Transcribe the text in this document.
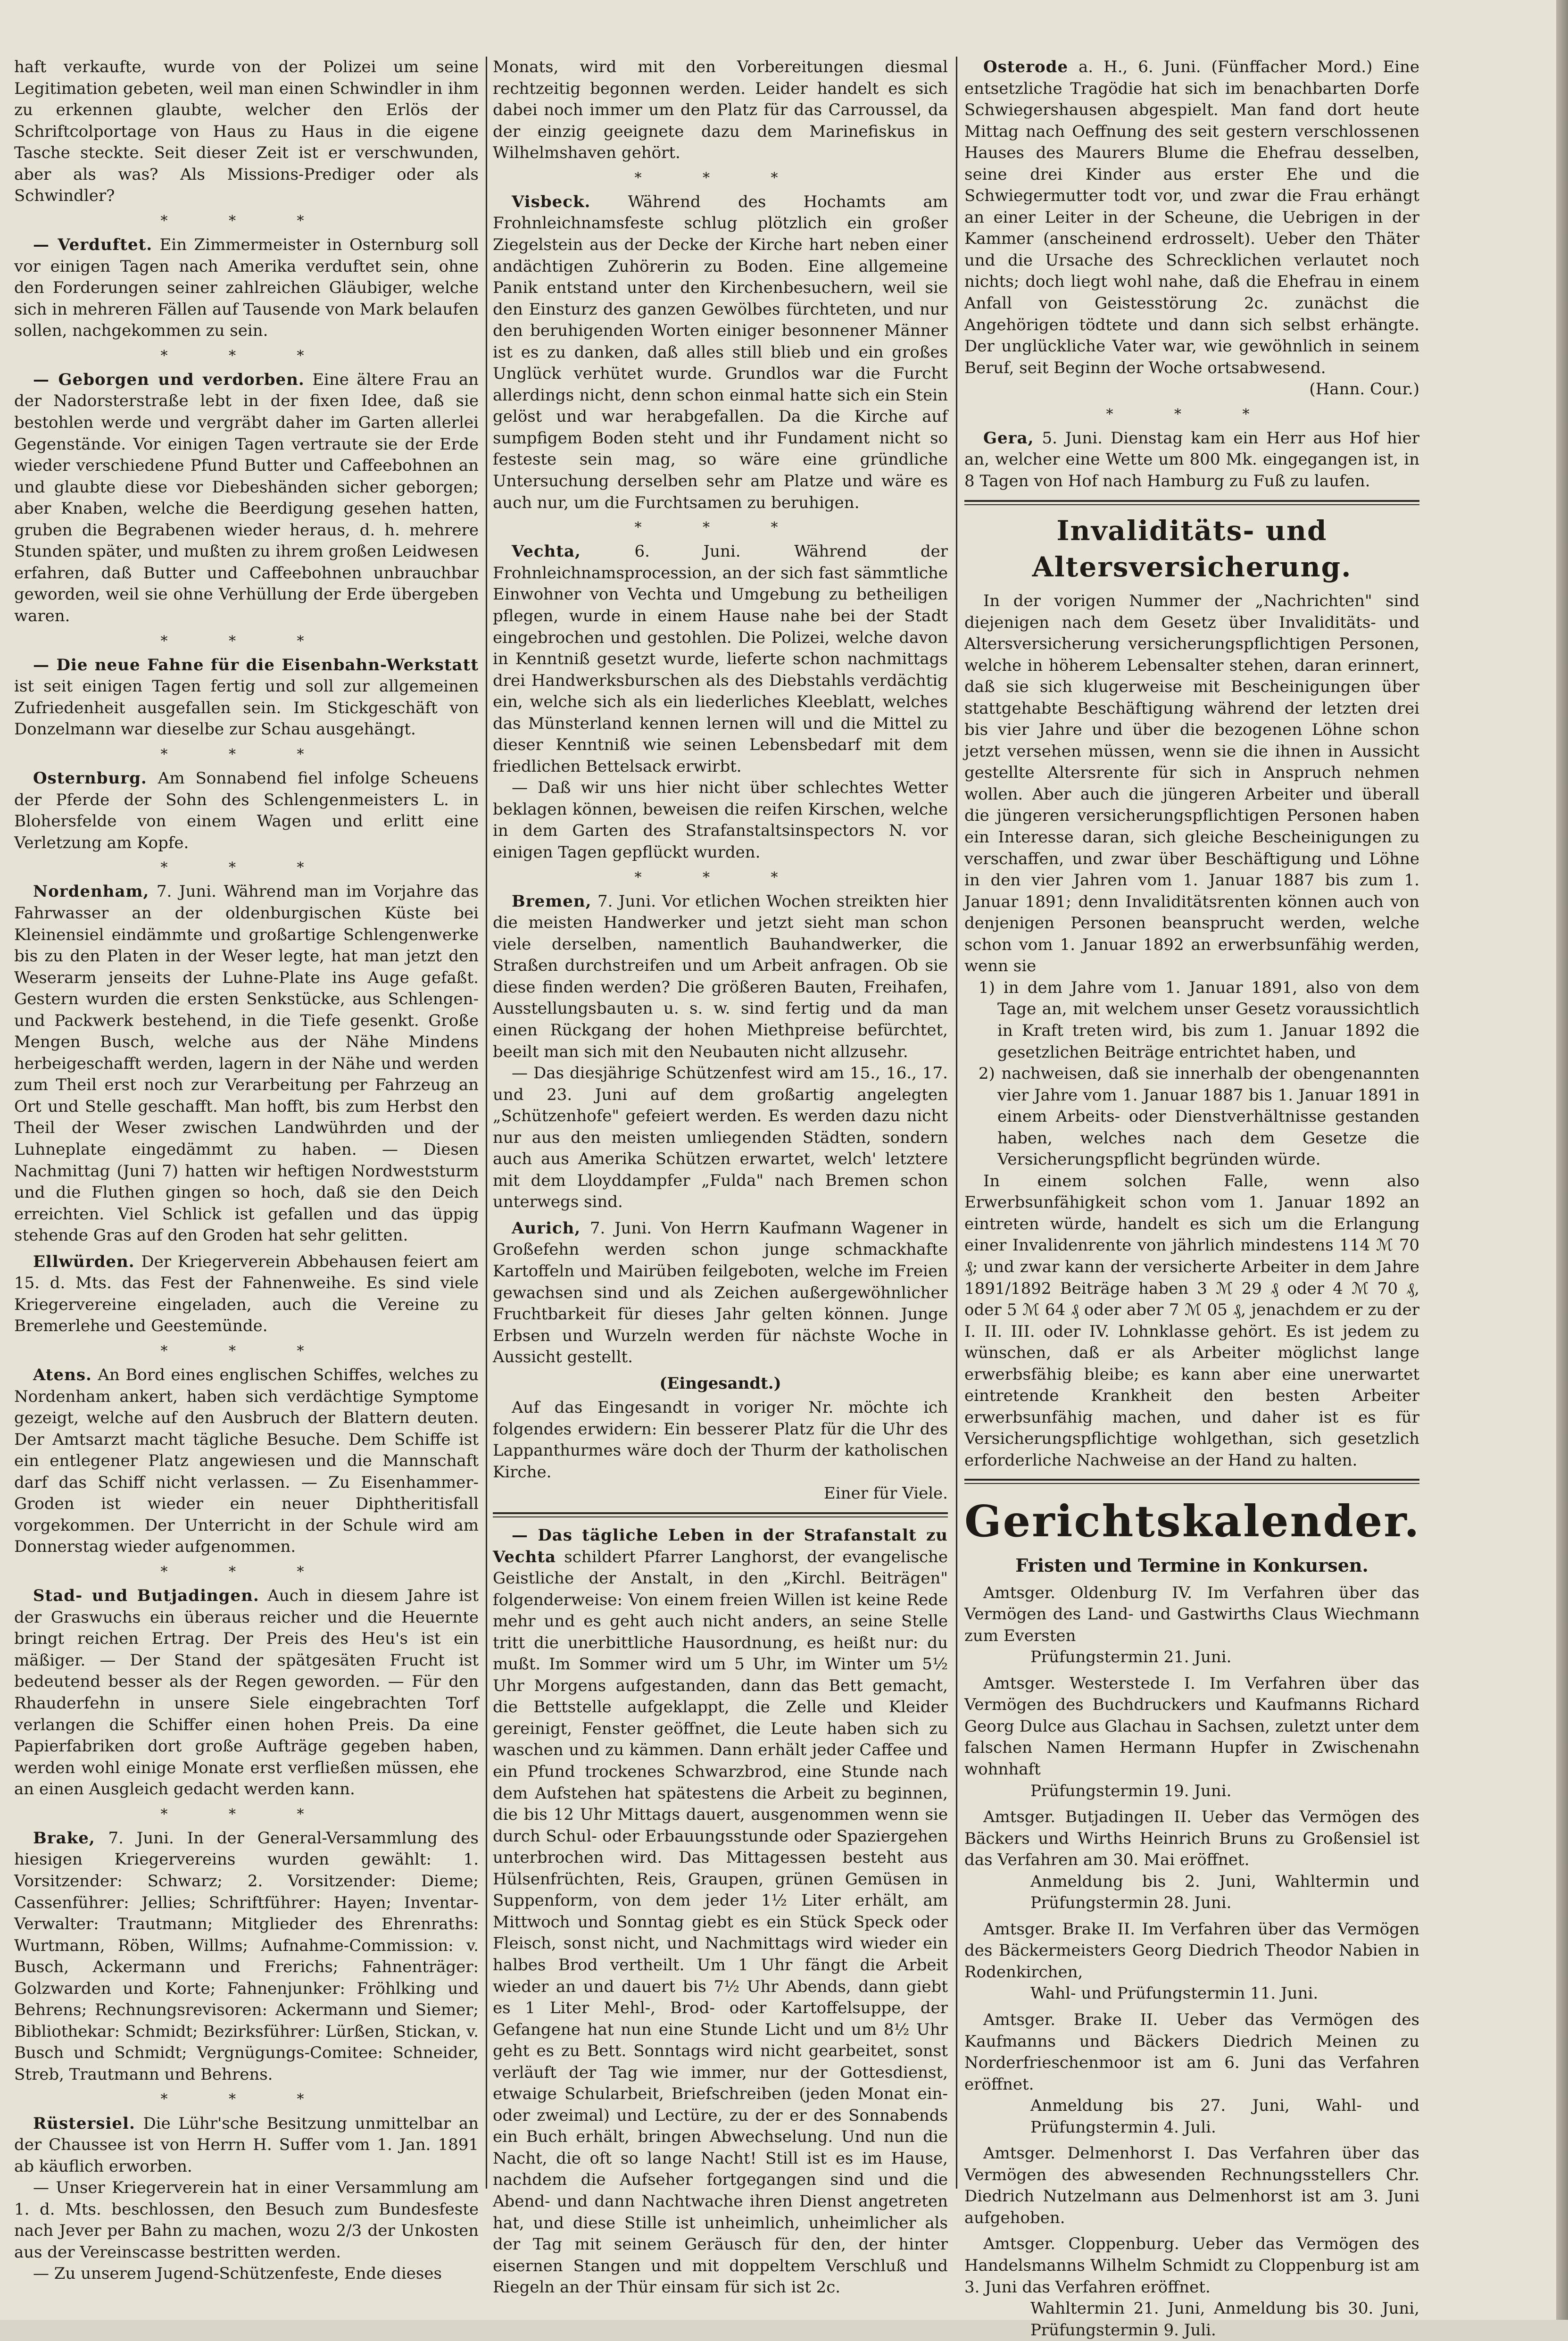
haft verkaufte, wurde von der Polizei um seine Legitimation gebeten, weil man einen Schwindler in ihm zu erkennen glaubte, welcher den Erlös der Schriftcolportage von Haus zu Haus in die eigene Tasche steckte. Seit dieser Zeit ist er verschwunden, aber als was? Als Missions-Prediger oder als Schwindler?

* * *

— Verduftet. Ein Zimmermeister in Osternburg soll vor einigen Tagen nach Amerika verduftet sein, ohne den Forderungen seiner zahlreichen Gläubiger, welche sich in mehreren Fällen auf Tausende von Mark belaufen sollen, nachgekommen zu sein.

* * *

— Geborgen und verdorben. Eine ältere Frau an der Nadorsterstraße lebt in der fixen Idee, daß sie bestohlen werde und vergräbt daher im Garten allerlei Gegenstände. Vor einigen Tagen vertraute sie der Erde wieder verschiedene Pfund Butter und Caffeebohnen an und glaubte diese vor Diebeshänden sicher geborgen; aber Knaben, welche die Beerdigung gesehen hatten, gruben die Begrabenen wieder heraus, d. h. mehrere Stunden später, und mußten zu ihrem großen Leidwesen erfahren, daß Butter und Caffeebohnen unbrauchbar geworden, weil sie ohne Verhüllung der Erde übergeben waren.

* * *

— Die neue Fahne für die Eisenbahn-Werkstatt ist seit einigen Tagen fertig und soll zur allgemeinen Zufriedenheit ausgefallen sein. Im Stickgeschäft von Donzelmann war dieselbe zur Schau ausgehängt.

* * *

Osternburg. Am Sonnabend fiel infolge Scheuens der Pferde der Sohn des Schlengenmeisters L. in Blohersfelde von einem Wagen und erlitt eine Verletzung am Kopfe.

* * *

Nordenham, 7. Juni. Während man im Vorjahre das Fahrwasser an der oldenburgischen Küste bei Kleinensiel eindämmte und großartige Schlengenwerke bis zu den Platen in der Weser legte, hat man jetzt den Weserarm jenseits der Luhne-Plate ins Auge gefaßt. Gestern wurden die ersten Senkstücke, aus Schlengen- und Packwerk bestehend, in die Tiefe gesenkt. Große Mengen Busch, welche aus der Nähe Mindens herbeigeschafft werden, lagern in der Nähe und werden zum Theil erst noch zur Verarbeitung per Fahrzeug an Ort und Stelle geschafft. Man hofft, bis zum Herbst den Theil der Weser zwischen Landwührden und der Luhneplate eingedämmt zu haben. — Diesen Nachmittag (Juni 7) hatten wir heftigen Nordweststurm und die Fluthen gingen so hoch, daß sie den Deich erreichten. Viel Schlick ist gefallen und das üppig stehende Gras auf den Groden hat sehr gelitten.

Ellwürden. Der Kriegerverein Abbehausen feiert am 15. d. Mts. das Fest der Fahnenweihe. Es sind viele Kriegervereine eingeladen, auch die Vereine zu Bremerlehe und Geestemünde.

* * *

Atens. An Bord eines englischen Schiffes, welches zu Nordenham ankert, haben sich verdächtige Symptome gezeigt, welche auf den Ausbruch der Blattern deuten. Der Amtsarzt macht tägliche Besuche. Dem Schiffe ist ein entlegener Platz angewiesen und die Mannschaft darf das Schiff nicht verlassen. — Zu Eisenhammer-Groden ist wieder ein neuer Diphtheritisfall vorgekommen. Der Unterricht in der Schule wird am Donnerstag wieder aufgenommen.

* * *

Stad- und Butjadingen. Auch in diesem Jahre ist der Graswuchs ein überaus reicher und die Heuernte bringt reichen Ertrag. Der Preis des Heu's ist ein mäßiger. — Der Stand der spätgesäten Frucht ist bedeutend besser als der Regen geworden. — Für den Rhauderfehn in unsere Siele eingebrachten Torf verlangen die Schiffer einen hohen Preis. Da eine Papierfabriken dort große Aufträge gegeben haben, werden wohl einige Monate erst verfließen müssen, ehe an einen Ausgleich gedacht werden kann.

* * *

Brake, 7. Juni. In der General-Versammlung des hiesigen Kriegervereins wurden gewählt: 1. Vorsitzender: Schwarz; 2. Vorsitzender: Dieme; Cassenführer: Jellies; Schriftführer: Hayen; Inventar-Verwalter: Trautmann; Mitglieder des Ehrenraths: Wurtmann, Röben, Willms; Aufnahme-Commission: v. Busch, Ackermann und Frerichs; Fahnenträger: Golzwarden und Korte; Fahnenjunker: Fröhlking und Behrens; Rechnungsrevisoren: Ackermann und Siemer; Bibliothekar: Schmidt; Bezirksführer: Lürßen, Stickan, v. Busch und Schmidt; Vergnügungs-Comitee: Schneider, Streb, Trautmann und Behrens.

* * *

Rüstersiel. Die Lühr'sche Besitzung unmittelbar an der Chaussee ist von Herrn H. Suffer vom 1. Jan. 1891 ab käuflich erworben.

— Unser Kriegerverein hat in einer Versammlung am 1. d. Mts. beschlossen, den Besuch zum Bundesfeste nach Jever per Bahn zu machen, wozu 2/3 der Unkosten aus der Vereinscasse bestritten werden.

— Zu unserem Jugend-Schützenfeste, Ende dieses

Monats, wird mit den Vorbereitungen diesmal rechtzeitig begonnen werden. Leider handelt es sich dabei noch immer um den Platz für das Carroussel, da der einzig geeignete dazu dem Marinefiskus in Wilhelmshaven gehört.

* * *

Visbeck. Während des Hochamts am Frohnleichnamsfeste schlug plötzlich ein großer Ziegelstein aus der Decke der Kirche hart neben einer andächtigen Zuhörerin zu Boden. Eine allgemeine Panik entstand unter den Kirchenbesuchern, weil sie den Einsturz des ganzen Gewölbes fürchteten, und nur den beruhigenden Worten einiger besonnener Männer ist es zu danken, daß alles still blieb und ein großes Unglück verhütet wurde. Grundlos war die Furcht allerdings nicht, denn schon einmal hatte sich ein Stein gelöst und war herabgefallen. Da die Kirche auf sumpfigem Boden steht und ihr Fundament nicht so festeste sein mag, so wäre eine gründliche Untersuchung derselben sehr am Platze und wäre es auch nur, um die Furchtsamen zu beruhigen.

* * *

Vechta,	6. Juni.	Während der Frohnleichnamsprocession, an der sich fast sämmtliche Einwohner von Vechta und Umgebung zu betheiligen pflegen, wurde in einem Hause nahe bei der Stadt eingebrochen und gestohlen. Die Polizei, welche davon in Kenntniß gesetzt wurde, lieferte schon nachmittags drei Handwerksburschen als des Diebstahls verdächtig ein, welche sich als ein liederliches Kleeblatt, welches das Münsterland kennen lernen will und die Mittel zu dieser Kenntniß wie seinen Lebensbedarf mit dem friedlichen Bettelsack erwirbt.

— Daß wir uns hier nicht über schlechtes Wetter beklagen können, beweisen die reifen Kirschen, welche in dem Garten des Strafanstaltsinspectors N. vor einigen Tagen gepflückt wurden.

* * *

Bremen, 7. Juni. Vor etlichen Wochen streikten hier die meisten Handwerker und jetzt sieht man schon viele derselben, namentlich Bauhandwerker, die Straßen durchstreifen und um Arbeit anfragen. Ob sie diese finden werden? Die größeren Bauten, Freihafen, Ausstellungsbauten u. s. w. sind fertig und da man einen Rückgang der hohen Miethpreise befürchtet, beeilt man sich mit den Neubauten nicht allzusehr.

— Das diesjährige Schützenfest wird am 15., 16., 17. und 23. Juni auf dem großartig angelegten „Schützenhofe" gefeiert werden. Es werden dazu nicht nur aus den meisten umliegenden Städten, sondern auch aus Amerika Schützen erwartet, welch' letztere mit dem Lloyddampfer „Fulda" nach Bremen schon unterwegs sind.

Aurich, 7. Juni. Von Herrn Kaufmann Wagener in Großefehn werden schon junge schmackhafte Kartoffeln und Mairüben feilgeboten, welche im Freien gewachsen sind und als Zeichen außergewöhnlicher Fruchtbarkeit für dieses Jahr gelten können. Junge Erbsen und Wurzeln werden für nächste Woche in Aussicht gestellt.

(Eingesandt.)

Auf das Eingesandt in voriger Nr. möchte ich folgendes erwidern: Ein besserer Platz für die Uhr des Lappanthurmes wäre doch der Thurm der katholischen Kirche.

Einer für Viele.

— Das tägliche Leben in der Strafanstalt zu Vechta schildert Pfarrer Langhorst, der evangelische Geistliche der Anstalt, in den „Kirchl. Beiträgen" folgenderweise: Von einem freien Willen ist keine Rede mehr und es geht auch nicht anders, an seine Stelle tritt die unerbittliche Hausordnung, es heißt nur: du mußt. Im Sommer wird um 5 Uhr, im Winter um 5½ Uhr Morgens aufgestanden, dann das Bett gemacht, die Bettstelle aufgeklappt, die Zelle und Kleider gereinigt, Fenster geöffnet, die Leute haben sich zu waschen und zu kämmen. Dann erhält jeder Caffee und ein Pfund trockenes Schwarzbrod, eine Stunde nach dem Aufstehen hat spätestens die Arbeit zu beginnen, die bis 12 Uhr Mittags dauert, ausgenommen wenn sie durch Schul- oder Erbauungsstunde oder Spaziergehen unterbrochen wird. Das Mittagessen besteht aus Hülsenfrüchten, Reis, Graupen, grünen Gemüsen in Suppenform, von dem jeder 1½ Liter erhält, am Mittwoch und Sonntag giebt es ein Stück Speck oder Fleisch, sonst nicht, und Nachmittags wird wieder ein halbes Brod vertheilt. Um 1 Uhr fängt die Arbeit wieder an und dauert bis 7½ Uhr Abends, dann giebt es 1 Liter Mehl-, Brod- oder Kartoffelsuppe, der Gefangene hat nun eine Stunde Licht und um 8½ Uhr geht es zu Bett. Sonntags wird nicht gearbeitet, sonst verläuft der Tag wie immer, nur der Gottesdienst, etwaige Schularbeit, Briefschreiben (jeden Monat ein- oder zweimal) und Lectüre, zu der er des Sonnabends ein Buch erhält, bringen Abwechselung. Und nun die Nacht, die oft so lange Nacht! Still ist es im Hause, nachdem die Aufseher fortgegangen sind und die Abend- und dann Nachtwache ihren Dienst angetreten hat, und diese Stille ist unheimlich, unheimlicher als der Tag mit seinem Geräusch für den, der hinter eisernen Stangen und mit doppeltem Verschluß und Riegeln an der Thür einsam für sich ist 2c.

Osterode a. H., 6. Juni. (Fünffacher Mord.) Eine entsetzliche Tragödie hat sich im benachbarten Dorfe Schwiegershausen abgespielt. Man fand dort heute Mittag nach Oeffnung des seit gestern verschlossenen Hauses des Maurers Blume die Ehefrau desselben, seine drei Kinder aus erster Ehe und die Schwiegermutter todt vor, und zwar die Frau erhängt an einer Leiter in der Scheune, die Uebrigen in der Kammer (anscheinend erdrosselt). Ueber den Thäter und die Ursache des Schrecklichen verlautet noch nichts; doch liegt wohl nahe, daß die Ehefrau in einem Anfall von Geistesstörung 2c. zunächst die Angehörigen tödtete und dann sich selbst erhängte. Der unglückliche Vater war, wie gewöhnlich in seinem Beruf, seit Beginn der Woche ortsabwesend.

(Hann. Cour.)
* * *

Gera, 5. Juni. Dienstag kam ein Herr aus Hof hier an, welcher eine Wette um 800 Mk. eingegangen ist, in 8 Tagen von Hof nach Hamburg zu Fuß zu laufen.

Invaliditäts- und Altersversicherung.

In der vorigen Nummer der „Nachrichten" sind diejenigen nach dem Gesetz über Invaliditäts- und Altersversicherung versicherungspflichtigen Personen, welche in höherem Lebensalter stehen, daran erinnert, daß sie sich klugerweise mit Bescheinigungen über stattgehabte Beschäftigung während der letzten drei bis vier Jahre und über die bezogenen Löhne schon jetzt versehen müssen, wenn sie die ihnen in Aussicht gestellte Altersrente für sich in Anspruch nehmen wollen. Aber auch die jüngeren Arbeiter und überall die jüngeren versicherungspflichtigen Personen haben ein Interesse daran, sich gleiche Bescheinigungen zu verschaffen, und zwar über Beschäftigung und Löhne in den vier Jahren vom 1. Januar 1887 bis zum 1. Januar 1891; denn Invaliditätsrenten können auch von denjenigen Personen beansprucht werden, welche schon vom 1. Januar 1892 an erwerbsunfähig werden, wenn sie

1) in dem Jahre vom 1. Januar 1891, also von dem Tage an, mit welchem unser Gesetz voraussichtlich in Kraft treten wird, bis zum 1. Januar 1892 die gesetzlichen Beiträge entrichtet haben, und

2) nachweisen, daß sie innerhalb der obengenannten vier Jahre vom 1. Januar 1887 bis 1. Januar 1891 in einem Arbeits- oder Dienstverhältnisse gestanden haben, welches nach dem Gesetze die Versicherungspflicht begründen würde.

In einem solchen Falle, wenn also Erwerbsunfähigkeit schon vom 1. Januar 1892 an eintreten würde, handelt es sich um die Erlangung einer Invalidenrente von jährlich mindestens 114 ℳ 70 ₰; und zwar kann der versicherte Arbeiter in dem Jahre 1891/1892 Beiträge haben 3 ℳ 29 ₰ oder 4 ℳ 70 ₰, oder 5 ℳ 64 ₰ oder aber 7 ℳ 05 ₰, jenachdem er zu der I. II. III. oder IV. Lohnklasse gehört. Es ist jedem zu wünschen, daß er als Arbeiter möglichst lange erwerbsfähig bleibe; es kann aber eine unerwartet eintretende Krankheit den besten Arbeiter erwerbsunfähig machen, und daher ist es für Versicherungspflichtige wohlgethan, sich gesetzlich erforderliche Nachweise an der Hand zu halten.

Gerichtskalender.
Fristen und Termine in Konkursen.

Amtsger. Oldenburg IV. Im Verfahren über das Vermögen des Land- und Gastwirths Claus Wiechmann zum Eversten

Prüfungstermin 21. Juni.

Amtsger. Westerstede I. Im Verfahren über das Vermögen des Buchdruckers und Kaufmanns Richard Georg Dulce aus Glachau in Sachsen, zuletzt unter dem falschen Namen Hermann Hupfer in Zwischenahn wohnhaft

Prüfungstermin 19. Juni.

Amtsger. Butjadingen II. Ueber das Vermögen des Bäckers und Wirths Heinrich Bruns zu Großensiel ist das Verfahren am 30. Mai eröffnet.

Anmeldung bis 2. Juni, Wahltermin und Prüfungstermin 28. Juni.

Amtsger. Brake II. Im Verfahren über das Vermögen des Bäckermeisters Georg Diedrich Theodor Nabien in Rodenkirchen,

Wahl- und Prüfungstermin 11. Juni.

Amtsger. Brake II. Ueber das Vermögen des Kaufmanns und Bäckers Diedrich Meinen zu Norderfrieschenmoor ist am 6. Juni das Verfahren eröffnet.

Anmeldung bis 27. Juni, Wahl- und Prüfungstermin 4. Juli.

Amtsger. Delmenhorst I. Das Verfahren über das Vermögen des abwesenden Rechnungsstellers Chr. Diedrich Nutzelmann aus Delmenhorst ist am 3. Juni aufgehoben.

Amtsger. Cloppenburg. Ueber das Vermögen des Handelsmanns Wilhelm Schmidt zu Cloppenburg ist am 3. Juni das Verfahren eröffnet.

Wahltermin 21. Juni, Anmeldung bis 30. Juni, Prüfungstermin 9. Juli.
